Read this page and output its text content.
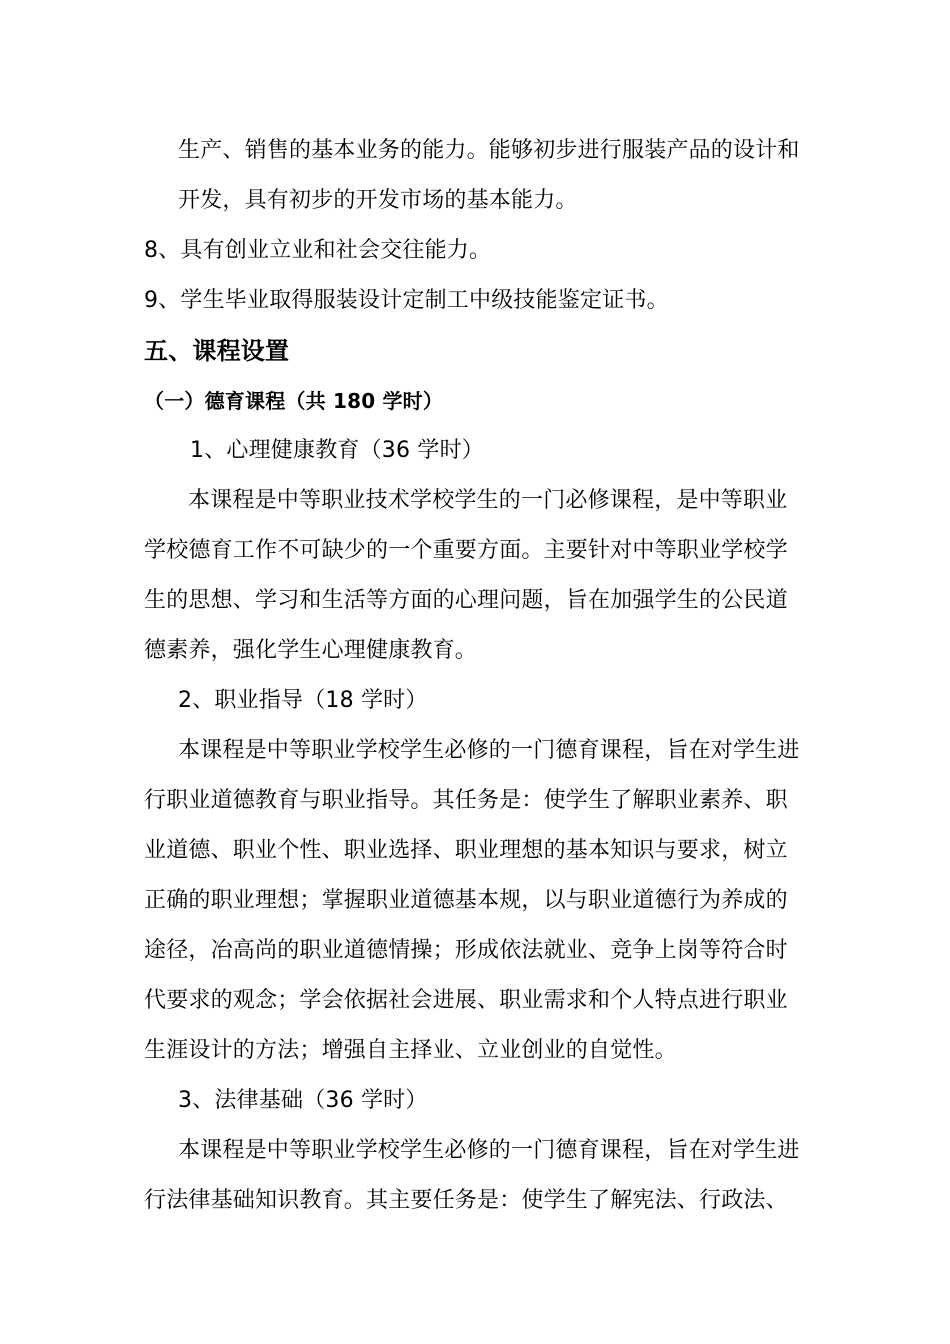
生产、销售的基本业务的能力。能够初步进行服装产品的设计和
开发，具有初步的开发市场的基本能力。
8、具有创业立业和社会交往能力。
9、学生毕业取得服装设计定制工中级技能鉴定证书。
五、课程设置
（一）德育课程（共 180 学时）
1、心理健康教育（36 学时）
本课程是中等职业技术学校学生的一门必修课程，是中等职业
学校德育工作不可缺少的一个重要方面。主要针对中等职业学校学
生的思想、学习和生活等方面的心理问题，旨在加强学生的公民道
德素养，强化学生心理健康教育。
2、职业指导（18 学时）
本课程是中等职业学校学生必修的一门德育课程，旨在对学生进
行职业道德教育与职业指导。其任务是：使学生了解职业素养、职
业道德、职业个性、职业选择、职业理想的基本知识与要求，树立
正确的职业理想；掌握职业道德基本规，以与职业道德行为养成的
途径，冶高尚的职业道德情操；形成依法就业、竞争上岗等符合时
代要求的观念；学会依据社会进展、职业需求和个人特点进行职业
生涯设计的方法；增强自主择业、立业创业的自觉性。
3、法律基础（36 学时）
本课程是中等职业学校学生必修的一门德育课程，旨在对学生进
行法律基础知识教育。其主要任务是：使学生了解宪法、行政法、
